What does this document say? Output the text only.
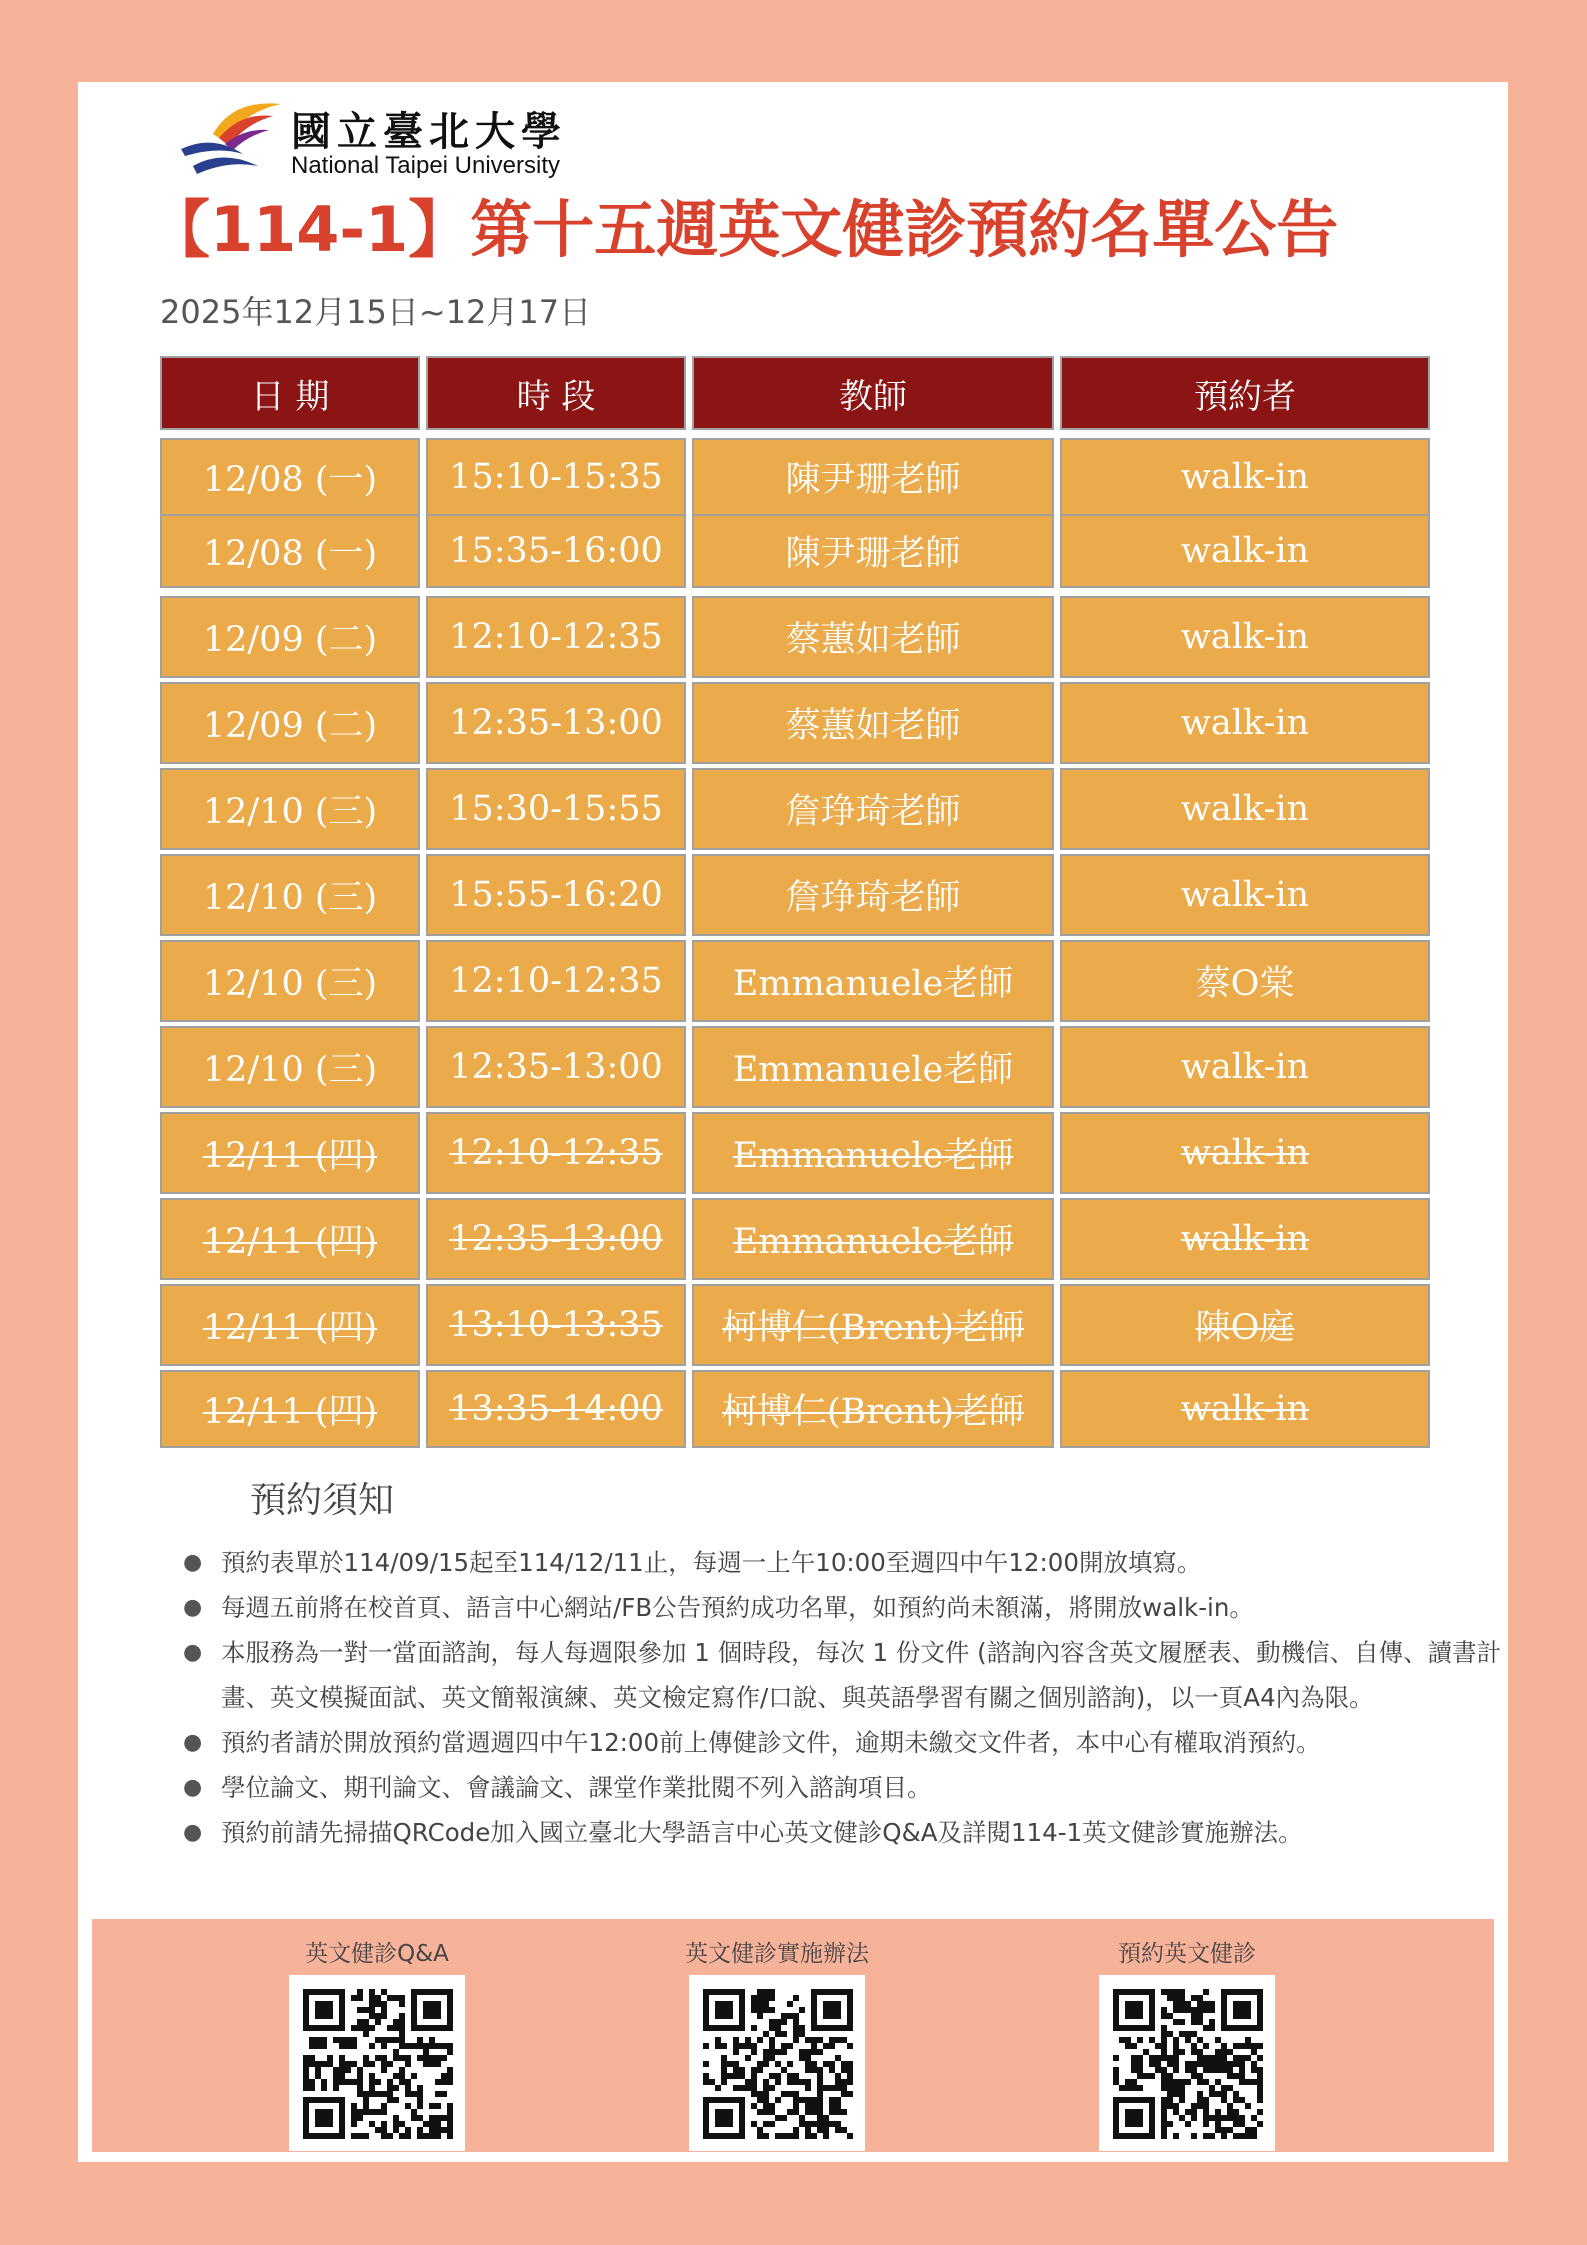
國立臺北大學
National Taipei University
【114-1】第十五週英文健診預約名單公告
2025年12月15日~12月17日
日 期	時 段	教師	預約者
12/08 (一)	15:10-15:35	陳尹珊老師	walk-in
12/08 (一)	15:35-16:00	陳尹珊老師	walk-in
12/09 (二)	12:10-12:35	蔡蕙如老師	walk-in
12/09 (二)	12:35-13:00	蔡蕙如老師	walk-in
12/10 (三)	15:30-15:55	詹琤琦老師	walk-in
12/10 (三)	15:55-16:20	詹琤琦老師	walk-in
12/10 (三)	12:10-12:35	Emmanuele老師	蔡O棠
12/10 (三)	12:35-13:00	Emmanuele老師	walk-in
12/11 (四)	12:10-12:35	Emmanuele老師	walk-in
12/11 (四)	12:35-13:00	Emmanuele老師	walk-in
12/11 (四)	13:10-13:35	柯博仁(Brent)老師	陳O庭
12/11 (四)	13:35-14:00	柯博仁(Brent)老師	walk-in
預約須知
● 預約表單於114/09/15起至114/12/11止，每週一上午10:00至週四中午12:00開放填寫。
● 每週五前將在校首頁、語言中心網站/FB公告預約成功名單，如預約尚未額滿，將開放walk-in。
● 本服務為一對一當面諮詢，每人每週限參加 1 個時段，每次 1 份文件 (諮詢內容含英文履歷表、動機信、自傳、讀書計畫、英文模擬面試、英文簡報演練、英文檢定寫作/口說、與英語學習有關之個別諮詢)，以一頁A4內為限。
● 預約者請於開放預約當週週四中午12:00前上傳健診文件，逾期未繳交文件者，本中心有權取消預約。
● 學位論文、期刊論文、會議論文、課堂作業批閱不列入諮詢項目。
● 預約前請先掃描QRCode加入國立臺北大學語言中心英文健診Q&A及詳閱114-1英文健診實施辦法。
英文健診Q&A	英文健診實施辦法	預約英文健診
